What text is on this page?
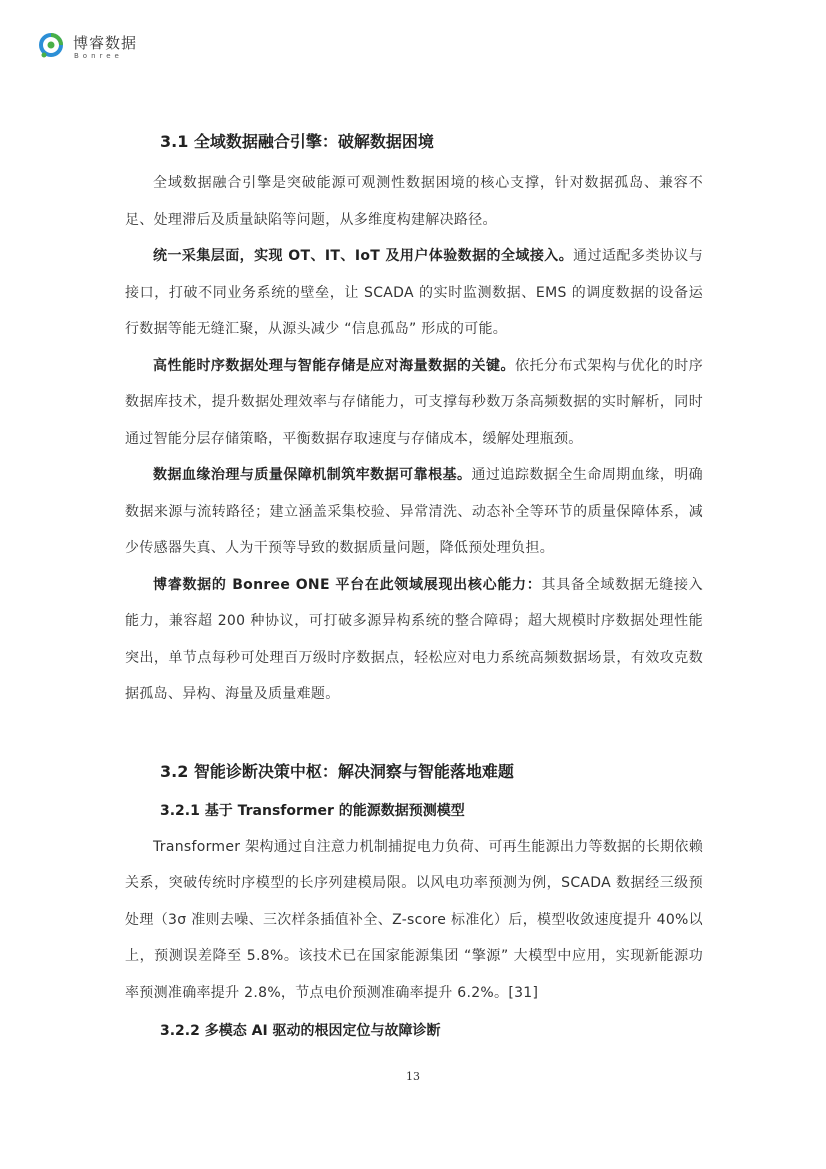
博睿数据
Bonree
3.1 全域数据融合引擎：破解数据困境

全域数据融合引擎是突破能源可观测性数据困境的核心支撑，针对数据孤岛、兼容不足、处理滞后及质量缺陷等问题，从多维度构建解决路径。

统一采集层面，实现 OT、IT、IoT 及用户体验数据的全域接入。通过适配多类协议与接口，打破不同业务系统的壁垒，让 SCADA 的实时监测数据、EMS 的调度数据的设备运行数据等能无缝汇聚，从源头减少 “信息孤岛” 形成的可能。

高性能时序数据处理与智能存储是应对海量数据的关键。依托分布式架构与优化的时序数据库技术，提升数据处理效率与存储能力，可支撑每秒数万条高频数据的实时解析，同时通过智能分层存储策略，平衡数据存取速度与存储成本，缓解处理瓶颈。

数据血缘治理与质量保障机制筑牢数据可靠根基。通过追踪数据全生命周期血缘，明确数据来源与流转路径；建立涵盖采集校验、异常清洗、动态补全等环节的质量保障体系，减少传感器失真、人为干预等导致的数据质量问题，降低预处理负担。

博睿数据的 Bonree ONE 平台在此领域展现出核心能力：其具备全域数据无缝接入能力，兼容超 200 种协议，可打破多源异构系统的整合障碍；超大规模时序数据处理性能突出，单节点每秒可处理百万级时序数据点，轻松应对电力系统高频数据场景，有效攻克数据孤岛、异构、海量及质量难题。

3.2 智能诊断决策中枢：解决洞察与智能落地难题
3.2.1 基于 Transformer 的能源数据预测模型

Transformer 架构通过自注意力机制捕捉电力负荷、可再生能源出力等数据的长期依赖关系，突破传统时序模型的长序列建模局限。以风电功率预测为例，SCADA 数据经三级预处理（3σ 准则去噪、三次样条插值补全、Z-score 标准化）后，模型收敛速度提升 40%以上，预测误差降至 5.8%。该技术已在国家能源集团 “擎源” 大模型中应用，实现新能源功率预测准确率提升 2.8%，节点电价预测准确率提升 6.2%。[31]

3.2.2 多模态 AI 驱动的根因定位与故障诊断
13
